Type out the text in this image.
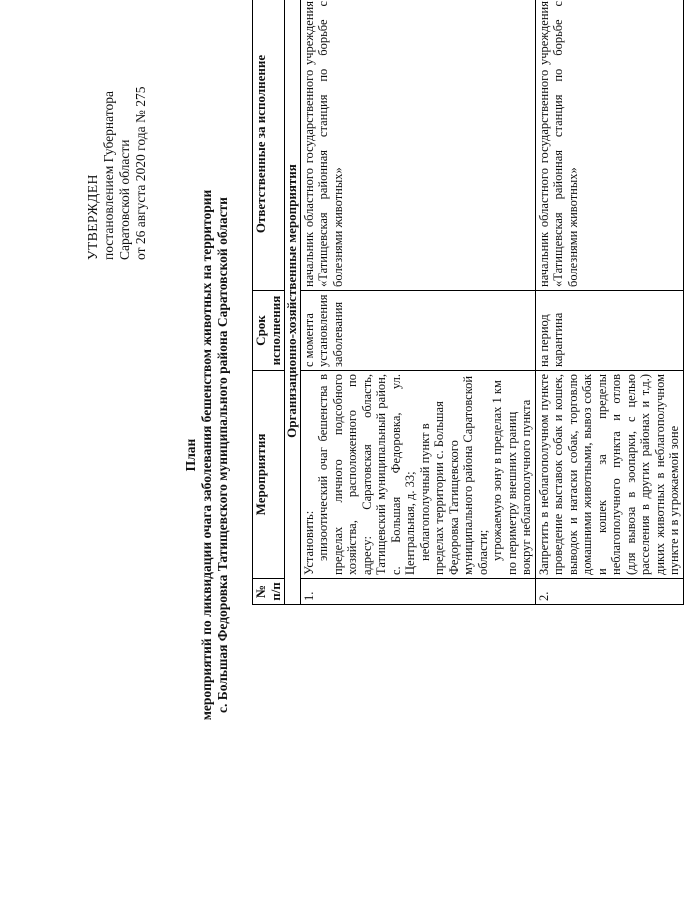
УТВЕРЖДЕН постановлением Губернатора Саратовской области от 26 августа 2020 года № 275
План мероприятий по ликвидации очага заболевания бешенством животных на территории с. Большая Федоровка Татищевского муниципального района Саратовской области № п/п	Мероприятия	Срок исполнения	Ответственные за исполнение
Организационно-хозяйственные мероприятия			
1.	Установить: эпизоотический очаг бешенства в пределах личного подсобного хозяйства, расположенного по адресу: Саратовская область, Татищевский муниципальный район, с. Большая Федоровка, ул. Центральная, д. 33; неблагополучный пункт в пределах территории с. Большая Федоровка Татищевского муниципального района Саратовской области; угрожаемую зону в пределах 1 км по периметру внешних границ вокруг неблагополучного пункта	с момента установления заболевания	начальник областного государственного учреждения «Татищевская районная станция по борьбе с болезнями животных»
2.	Запретить в неблагополучном пункте проведение выставок собак и кошек, выводок и натаски собак, торговлю домашними животными, вывоз собак и кошек за пределы неблагополучного пункта и отлов (для вывоза в зоопарки, с целью расселения в других районах и т.д.) диких животных в неблагополучном пункте и в угрожаемой зоне	на период карантина	начальник областного государственного учреждения «Татищевская районная станция по борьбе с болезнями животных»
